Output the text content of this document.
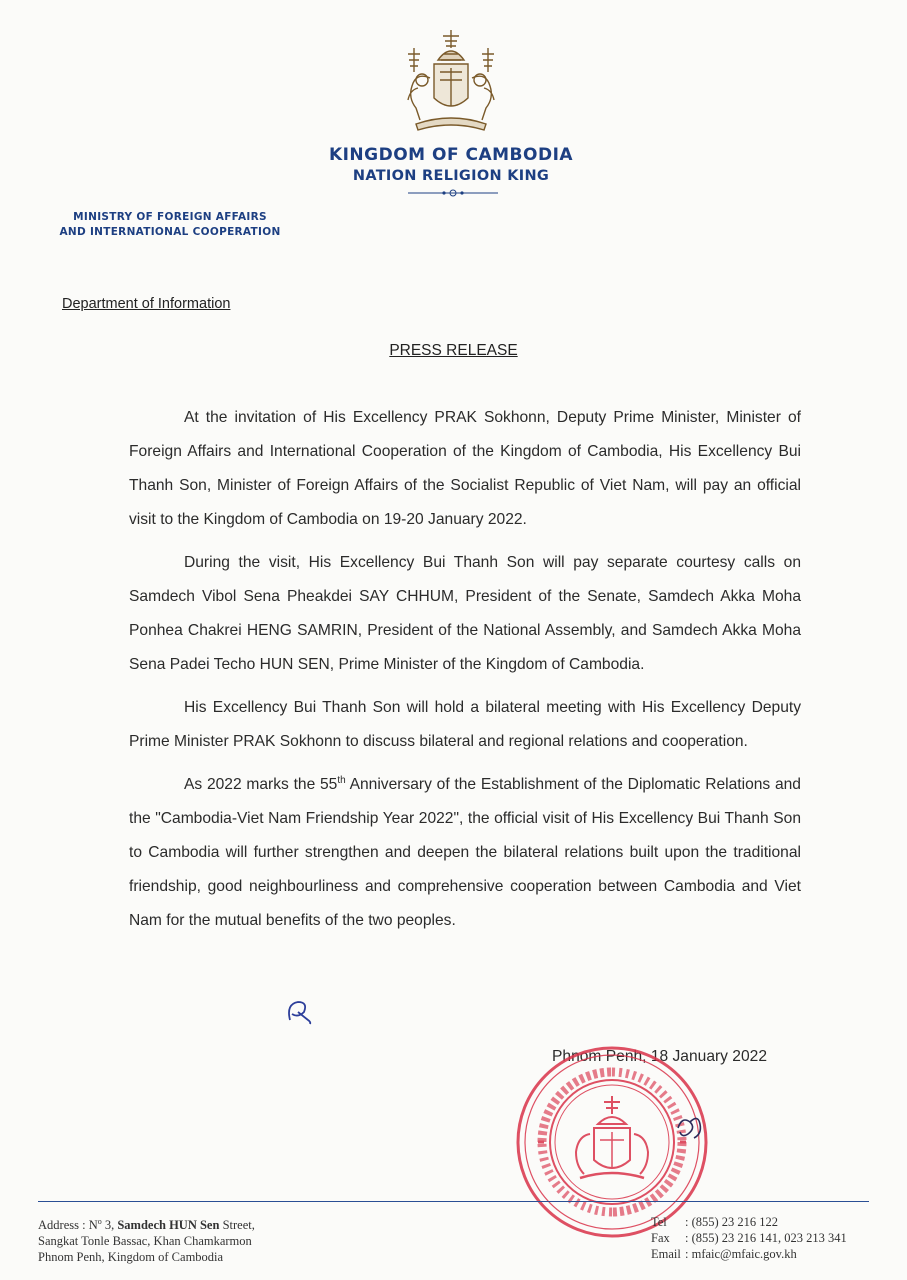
KINGDOM OF CAMBODIA
NATION RELIGION KING
MINISTRY OF FOREIGN AFFAIRS
AND INTERNATIONAL COOPERATION
Department of Information
PRESS RELEASE

At the invitation of His Excellency PRAK Sokhonn, Deputy Prime Minister, Minister of Foreign Affairs and International Cooperation of the Kingdom of Cambodia, His Excellency Bui Thanh Son, Minister of Foreign Affairs of the Socialist Republic of Viet Nam, will pay an official visit to the Kingdom of Cambodia on 19-20 January 2022.

During the visit, His Excellency Bui Thanh Son will pay separate courtesy calls on Samdech Vibol Sena Pheakdei SAY CHHUM, President of the Senate, Samdech Akka Moha Ponhea Chakrei HENG SAMRIN, President of the National Assembly, and Samdech Akka Moha Sena Padei Techo HUN SEN, Prime Minister of the Kingdom of Cambodia.

His Excellency Bui Thanh Son will hold a bilateral meeting with His Excellency Deputy Prime Minister PRAK Sokhonn to discuss bilateral and regional relations and cooperation.

As 2022 marks the 55th Anniversary of the Establishment of the Diplomatic Relations and the "Cambodia-Viet Nam Friendship Year 2022", the official visit of His Excellency Bui Thanh Son to Cambodia will further strengthen and deepen the bilateral relations built upon the traditional friendship, good neighbourliness and comprehensive cooperation between Cambodia and Viet Nam for the mutual benefits of the two peoples.

Phnom Penh, 18 January 2022
Address : $N^o$ 3, Samdech HUN Sen Street,
Sangkat Tonle Bassac, Khan Chamkarmon
Phnom Penh, Kingdom of Cambodia
Tel : (855) 23 216 122
Fax : (855) 23 216 141, 023 213 341
Email : mfaic@mfaic.gov.kh
